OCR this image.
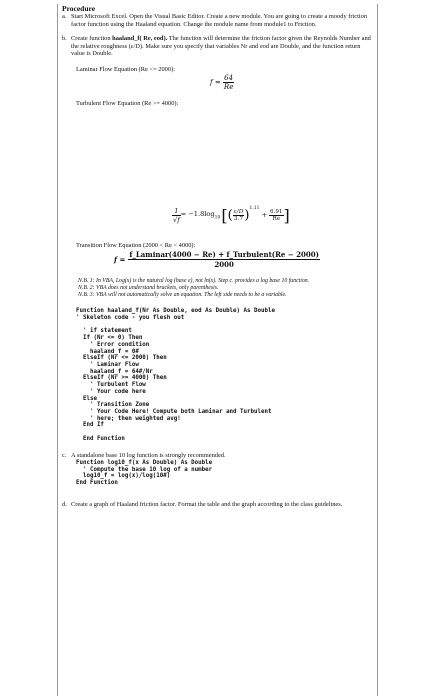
Procedure
a. Start Microsoft Excel. Open the Visual Basic Editor. Create a new module. You are going to create a moody friction factor function using the Haaland equation. Change the module name from module1 to Friction.
b. Create function haaland_f( Re, eod). The function will determine the friction factor given the Reynolds Number and the relative roughness (ε/D). Make sure you specify that variables Nr and eod are Double, and the function return value is Double.
Laminar Flow Equation (Re <= 2000):
$f = \frac{64}{Re}$
Turbulent Flow Equation (Re >= 4000):
$\frac{1}{√f} = -1.8\log_{10}$ [ ( $\frac{\varepsilon/D}{3.7} )^{1.11}$
+ $\frac{6.91}{Re}$ ]
Transition Flow Equation (2000 < Re < 4000):
$f = \frac{\text{f\_Laminar(4000 − Re) + f\_Turbulent(Re − 2000)}}{2000}$
N.B. 1: In VBA, Log(x) is the natural log (base e), not ln(x). Step c. provides a log base 10 function.
N.B. 2: VBA does not understand brackets, only parenthesis.
N.B. 3: VBA will not automatically solve an equation. The left side needs to be a variable.
Function haaland_f(Nr As Double, eod As Double) As Double
' Skeleton code - you flesh out

' if statement
If (Nr <= 0) Then
' Error condition
haaland_f = 0#
ElseIf (Nr <= 2000) Then
' Laminar Flow
haaland_f = 64#/Nr
ElseIf (Nr >= 4000) Then
' Turbulent Flow
' Your code here
Else
' Transition Zone
' Your Code Here! Compute both Laminar and Turbulent
' here; then weighted avg!
End If

End Function
c. A standalone base 10 log function is strongly recommended.
Function log10_f(x As Double) As Double
' Compute the base 10 log of a number
log10_f = log(x)/log(10#)
End Function
d. Create a graph of Haaland friction factor. Format the table and the graph according to the class guidelines.
